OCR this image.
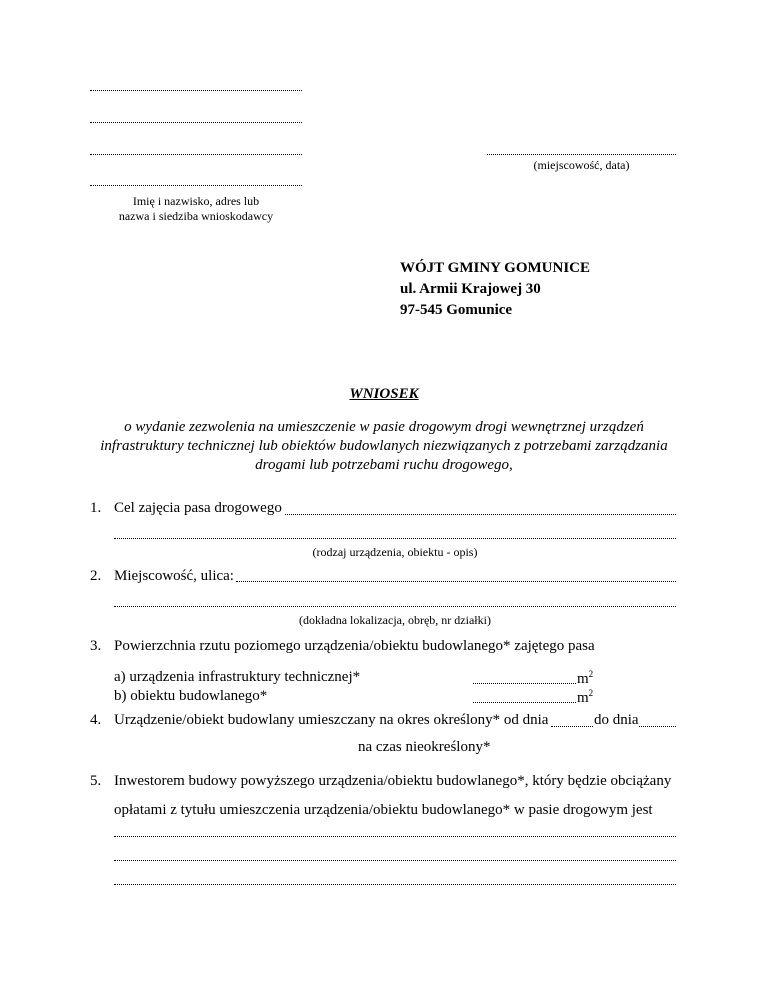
(miejscowość, data)
Imię i nazwisko, adres lub
nazwa i siedziba wnioskodawcy
WÓJT GMINY GOMUNICE
ul. Armii Krajowej 30
97-545 Gomunice
WNIOSEK
o wydanie zezwolenia na umieszczenie w pasie drogowym drogi wewnętrznej urządzeń
infrastruktury technicznej lub obiektów budowlanych niezwiązanych z potrzebami zarządzania
drogami lub potrzebami ruchu drogowego,
1. Cel zajęcia pasa drogowego
(rodzaj urządzenia, obiektu - opis)
2. Miejscowość, ulica:
(dokładna lokalizacja, obręb, nr działki)
3. Powierzchnia rzutu poziomego urządzenia/obiektu budowlanego* zajętego pasa
a) urządzenia infrastruktury technicznej*	$m^2$
b) obiektu budowlanego*	$m^2$
4. Urządzenie/obiekt budowlany umieszczany na okres określony* od dnia	do dnia
na czas nieokreślony*
5. Inwestorem budowy powyższego urządzenia/obiektu budowlanego*, który będzie obciążany
opłatami z tytułu umieszczenia urządzenia/obiektu budowlanego* w pasie drogowym jest
